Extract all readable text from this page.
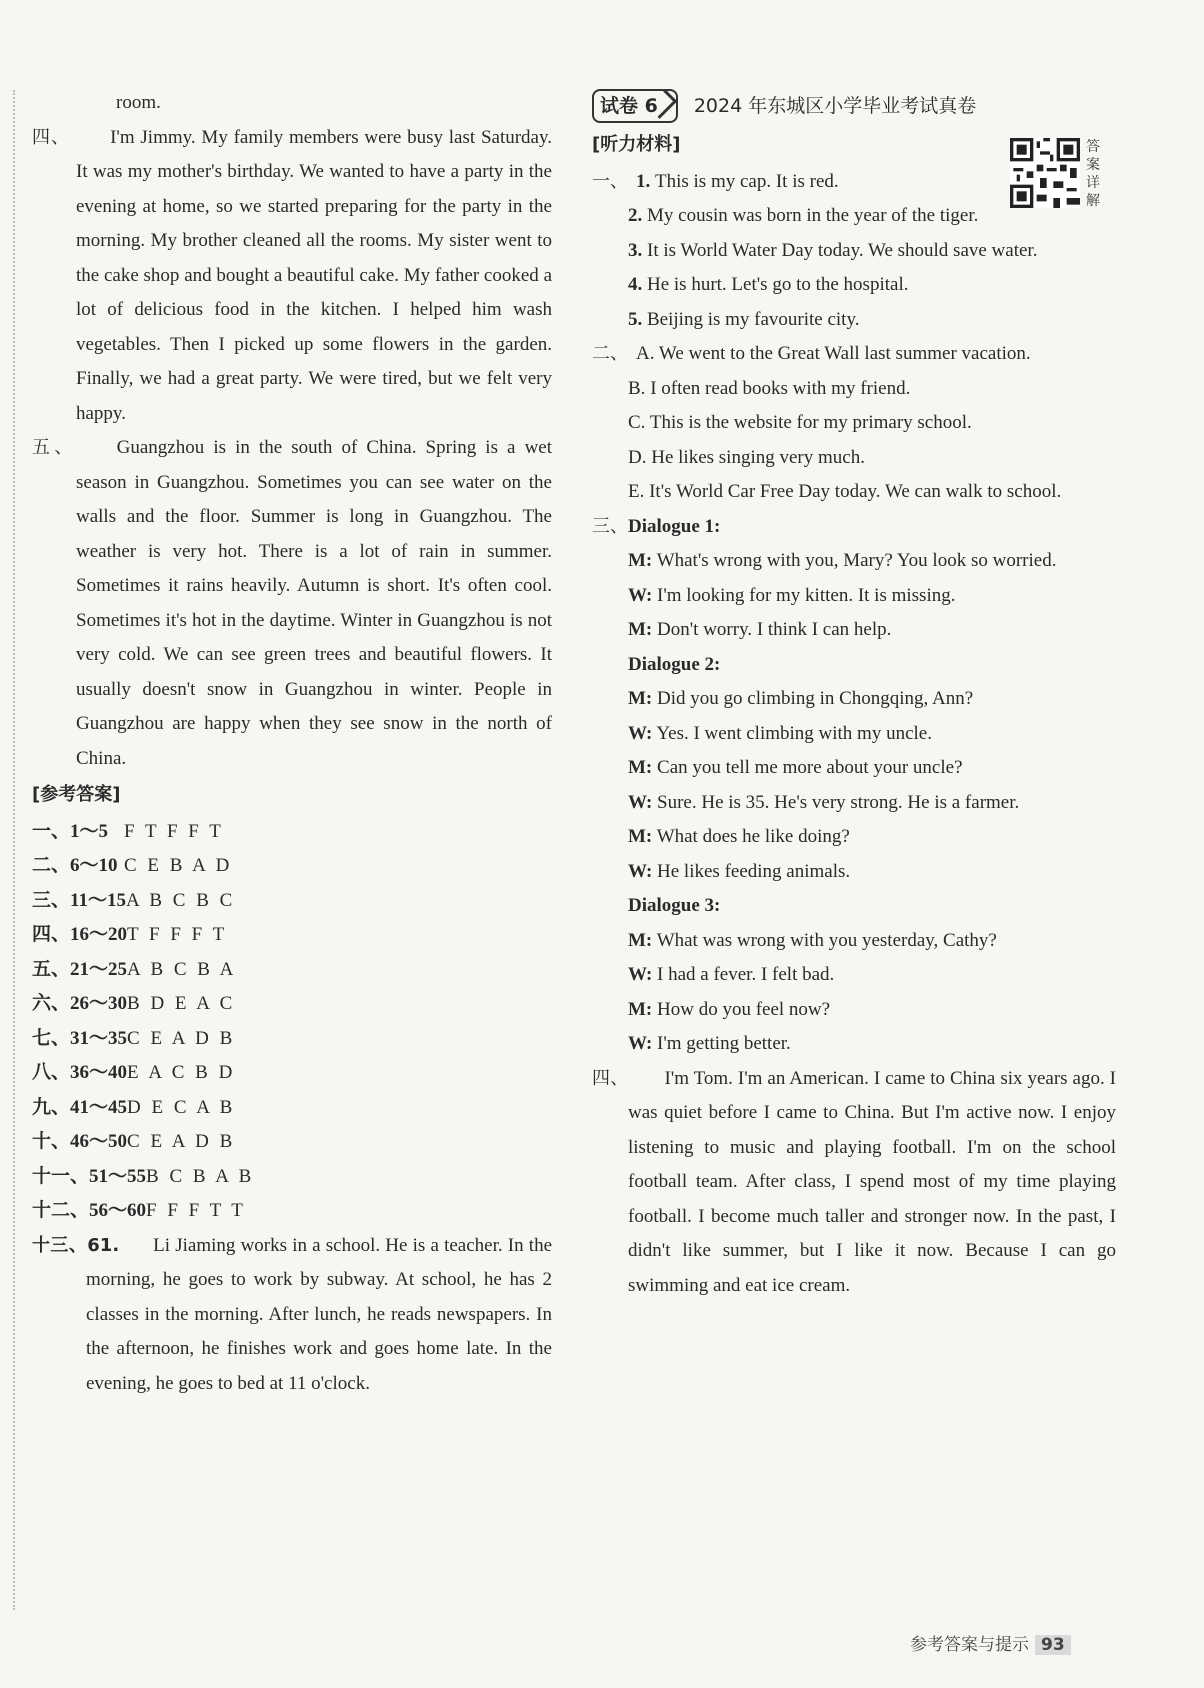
room.

四、 I'm Jimmy. My family members were busy last Saturday. It was my mother's birthday. We wanted to have a party in the evening at home, so we started preparing for the party in the morning. My brother cleaned all the rooms. My sister went to the cake shop and bought a beautiful cake. My father cooked a lot of delicious food in the kitchen. I helped him wash vegetables. Then I picked up some flowers in the garden. Finally, we had a great party. We were tired, but we felt very happy.

五、 Guangzhou is in the south of China. Spring is a wet season in Guangzhou. Sometimes you can see water on the walls and the floor. Summer is long in Guangzhou. The weather is very hot. There is a lot of rain in summer. Sometimes it rains heavily. Autumn is short. It's often cool. Sometimes it's hot in the daytime. Winter in Guangzhou is not very cold. We can see green trees and beautiful flowers. It usually doesn't snow in Guangzhou in winter. People in Guangzhou are happy when they see snow in the north of China.

[参考答案]
一、1～5 F T F F T
二、6～10 C E B A D
三、11～15A B C B C
四、16～20T F F F T
五、21～25A B C B A
六、26～30B D E A C
七、31～35C E A D B
八、36～40E A C B D
九、41～45D E C A B
十、46～50C E A D B
十一、51～55B C B A B
十二、56～60F F F T T

十三、61. Li Jiaming works in a school. He is a teacher. In the morning, he goes to work by subway. At school, he has 2 classes in the morning. After lunch, he reads newspapers. In the afternoon, he finishes work and goes home late. In the evening, he goes to bed at 11 o'clock.

试卷 6	2024 年东城区小学毕业考试真卷
[听力材料]

一、 1. This is my cap. It is red.

2. My cousin was born in the year of the tiger.

3. It is World Water Day today. We should save water.

4. He is hurt. Let's go to the hospital.

5. Beijing is my favourite city.

二、 A. We went to the Great Wall last summer vacation.

B. I often read books with my friend.

C. This is the website for my primary school.

D. He likes singing very much.

E. It's World Car Free Day today. We can walk to school.

三、Dialogue 1:

M: What's wrong with you, Mary? You look so worried.

W: I'm looking for my kitten. It is missing.

M: Don't worry. I think I can help.

Dialogue 2:

M: Did you go climbing in Chongqing, Ann?

W: Yes. I went climbing with my uncle.

M: Can you tell me more about your uncle?

W: Sure. He is 35. He's very strong. He is a farmer.

M: What does he like doing?

W: He likes feeding animals.

Dialogue 3:

M: What was wrong with you yesterday, Cathy?

W: I had a fever. I felt bad.

M: How do you feel now?

W: I'm getting better.

四、 I'm Tom. I'm an American. I came to China six years ago. I was quiet before I came to China. But I'm active now. I enjoy listening to music and playing football. I'm on the school football team. After class, I spend most of my time playing football. I become much taller and stronger now. In the past, I didn't like summer, but I like it now. Because I can go swimming and eat ice cream.

答案详解
参考答案与提示 93
